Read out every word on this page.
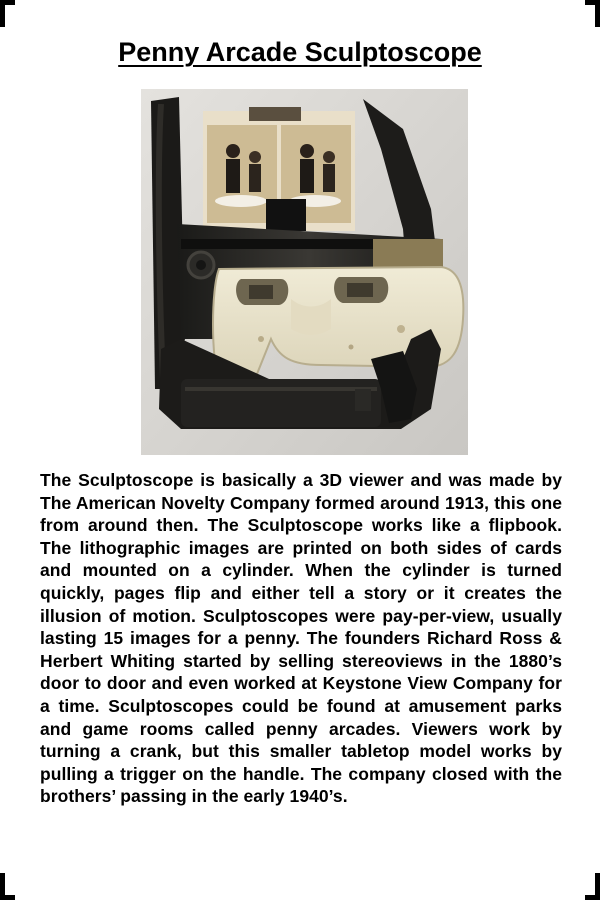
Penny Arcade Sculptoscope

The Sculptoscope is basically a 3D viewer and was made by The American Novelty Company formed around 1913, this one from around then. The Sculptoscope works like a flipbook. The lithographic images are printed on both sides of cards and mounted on a cylinder. When the cylinder is turned quickly, pages flip and either tell a story or it creates the illusion of motion. Sculptoscopes were pay-per-view, usually lasting 15 images for a penny. The founders Richard Ross & Herbert Whiting started by selling stereoviews in the 1880’s door to door and even worked at Keystone View Company for a time. Sculptoscopes could be found at amusement parks and game rooms called penny arcades. Viewers work by turning a crank, but this smaller tabletop model works by pulling a trigger on the handle. The company closed with the brothers’ passing in the early 1940’s.
